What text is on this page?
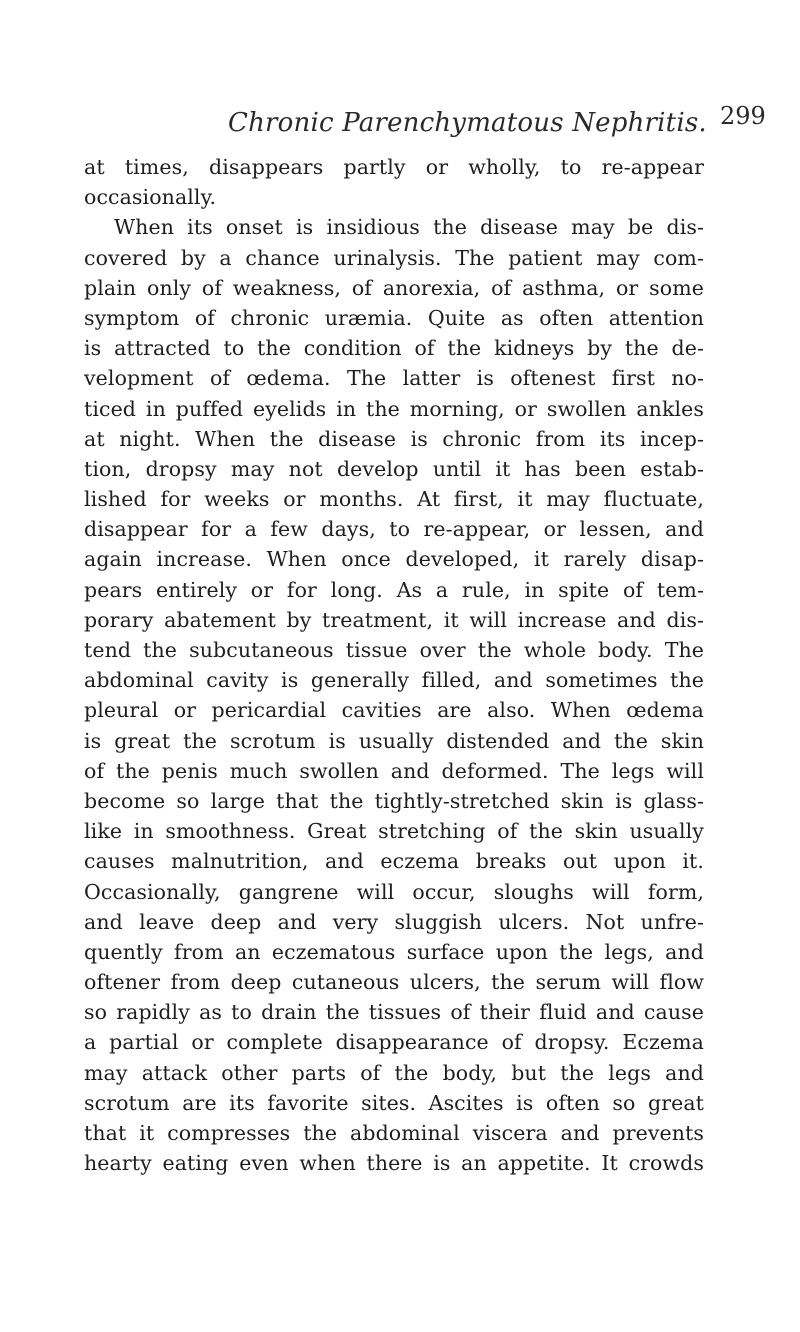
Chronic Parenchymatous Nephritis. 299
at times, disappears partly or wholly, to re-appear
occasionally.
When its onset is insidious the disease may be dis-
covered by a chance urinalysis. The patient may com-
plain only of weakness, of anorexia, of asthma, or some
symptom of chronic uræmia. Quite as often attention
is attracted to the condition of the kidneys by the de-
velopment of œdema. The latter is oftenest first no-
ticed in puffed eyelids in the morning, or swollen ankles
at night. When the disease is chronic from its incep-
tion, dropsy may not develop until it has been estab-
lished for weeks or months. At first, it may fluctuate,
disappear for a few days, to re-appear, or lessen, and
again increase. When once developed, it rarely disap-
pears entirely or for long. As a rule, in spite of tem-
porary abatement by treatment, it will increase and dis-
tend the subcutaneous tissue over the whole body. The
abdominal cavity is generally filled, and sometimes the
pleural or pericardial cavities are also. When œdema
is great the scrotum is usually distended and the skin
of the penis much swollen and deformed. The legs will
become so large that the tightly-stretched skin is glass-
like in smoothness. Great stretching of the skin usually
causes malnutrition, and eczema breaks out upon it.
Occasionally, gangrene will occur, sloughs will form,
and leave deep and very sluggish ulcers. Not unfre-
quently from an eczematous surface upon the legs, and
oftener from deep cutaneous ulcers, the serum will flow
so rapidly as to drain the tissues of their fluid and cause
a partial or complete disappearance of dropsy. Eczema
may attack other parts of the body, but the legs and
scrotum are its favorite sites. Ascites is often so great
that it compresses the abdominal viscera and prevents
hearty eating even when there is an appetite. It crowds
